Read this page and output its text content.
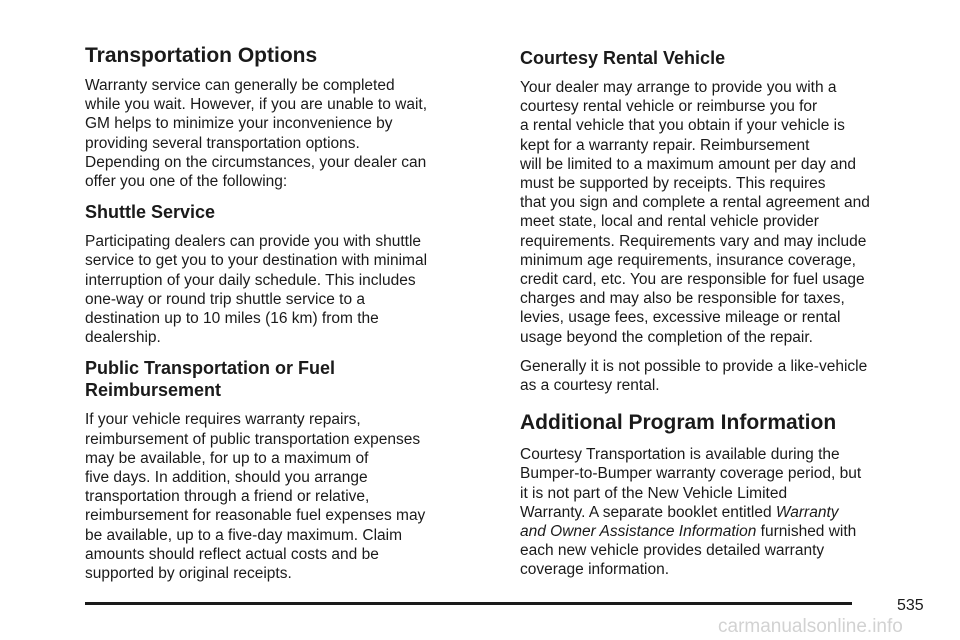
Transportation Options

Warranty service can generally be completed
while you wait. However, if you are unable to wait,
GM helps to minimize your inconvenience by
providing several transportation options.
Depending on the circumstances, your dealer can
offer you one of the following:

Shuttle Service

Participating dealers can provide you with shuttle
service to get you to your destination with minimal
interruption of your daily schedule. This includes
one-way or round trip shuttle service to a
destination up to 10 miles (16 km) from the
dealership.

Public Transportation or Fuel
Reimbursement

If your vehicle requires warranty repairs,
reimbursement of public transportation expenses
may be available, for up to a maximum of
five days. In addition, should you arrange
transportation through a friend or relative,
reimbursement for reasonable fuel expenses may
be available, up to a five-day maximum. Claim
amounts should reflect actual costs and be
supported by original receipts.

Courtesy Rental Vehicle

Your dealer may arrange to provide you with a
courtesy rental vehicle or reimburse you for
a rental vehicle that you obtain if your vehicle is
kept for a warranty repair. Reimbursement
will be limited to a maximum amount per day and
must be supported by receipts. This requires
that you sign and complete a rental agreement and
meet state, local and rental vehicle provider
requirements. Requirements vary and may include
minimum age requirements, insurance coverage,
credit card, etc. You are responsible for fuel usage
charges and may also be responsible for taxes,
levies, usage fees, excessive mileage or rental
usage beyond the completion of the repair.

Generally it is not possible to provide a like-vehicle
as a courtesy rental.

Additional Program Information

Courtesy Transportation is available during the
Bumper-to-Bumper warranty coverage period, but
it is not part of the New Vehicle Limited
Warranty. A separate booklet entitled Warranty
and Owner Assistance Information furnished with
each new vehicle provides detailed warranty
coverage information.

535
carmanualsonline.info
